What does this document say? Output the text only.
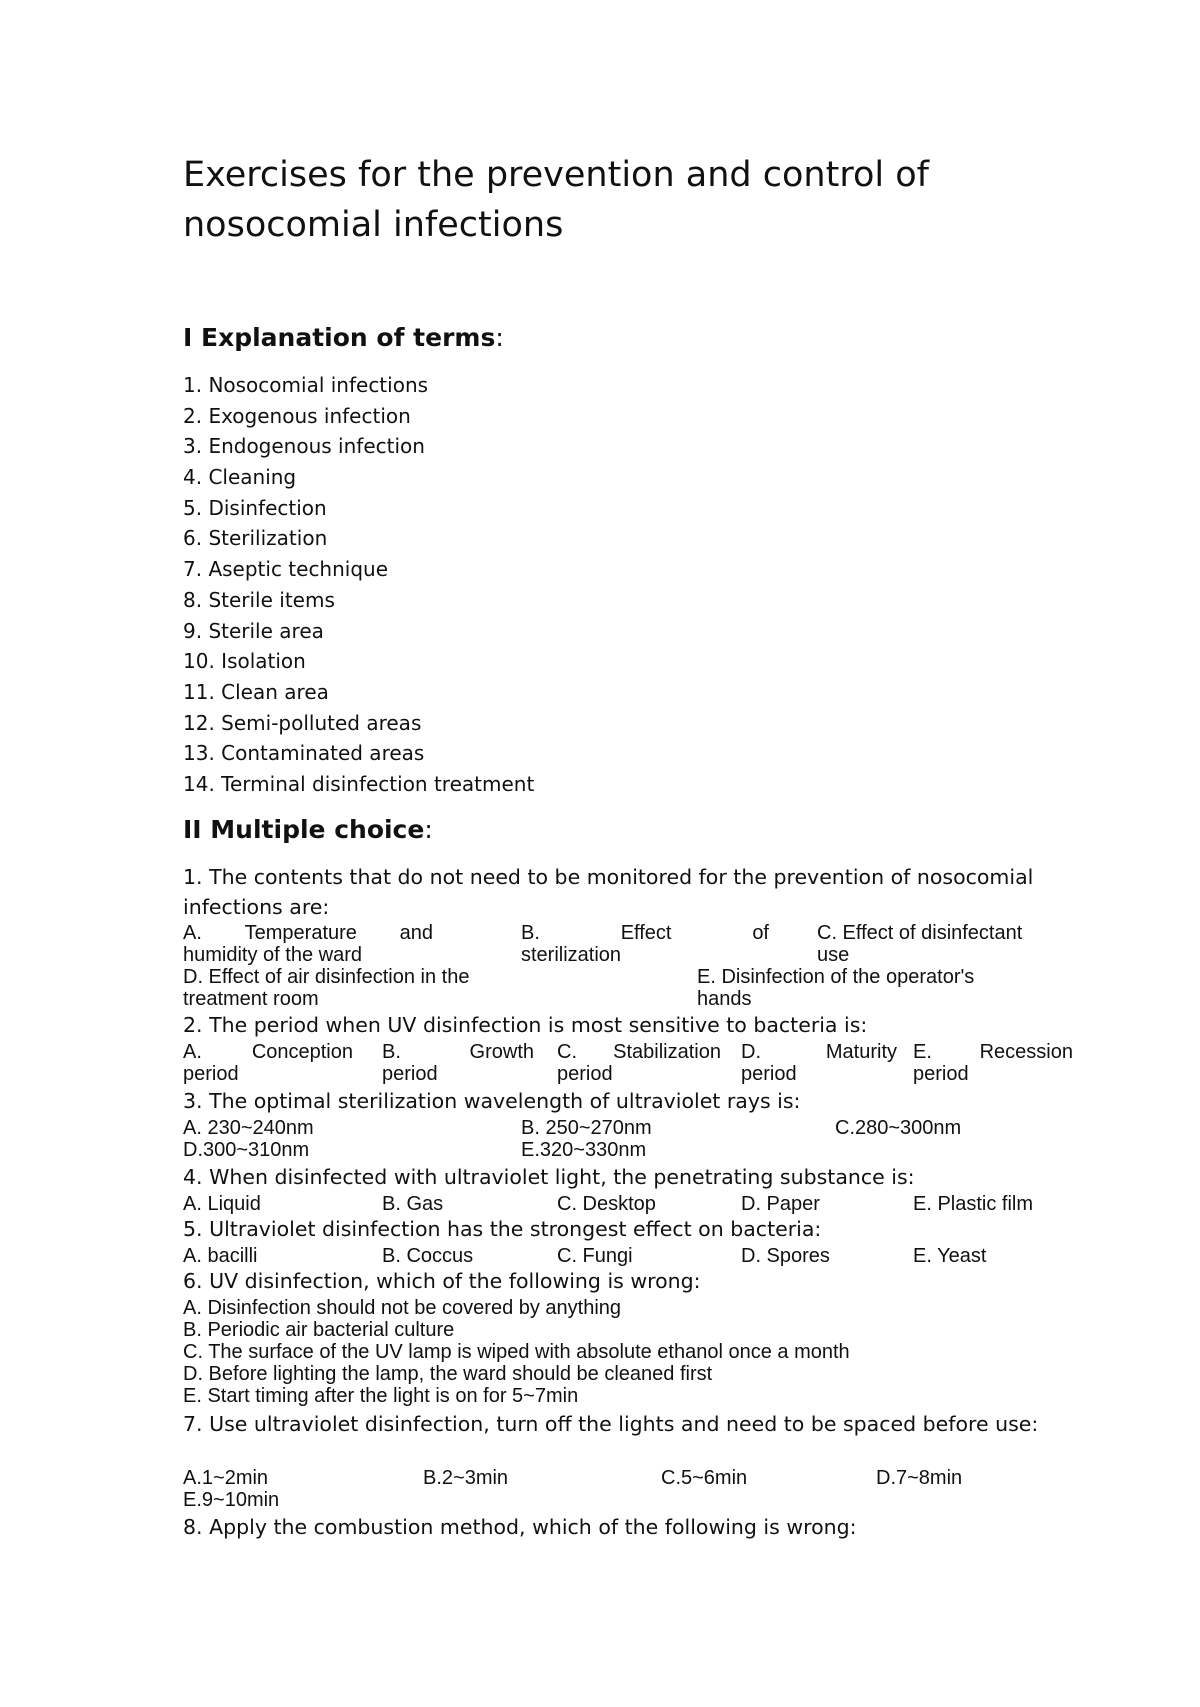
Exercises for the prevention and control of nosocomial infections
I Explanation of terms:
1. Nosocomial infections
2. Exogenous infection
3. Endogenous infection
4. Cleaning
5. Disinfection
6. Sterilization
7. Aseptic technique
8. Sterile items
9. Sterile area
10. Isolation
11. Clean area
12. Semi-polluted areas
13. Contaminated areas
14. Terminal disinfection treatment
II Multiple choice:
1. The contents that do not need to be monitored for the prevention of nosocomial infections are:
A. Temperature and	B.	Effect	of C. Effect of disinfectant
humidity of the ward	sterilization	use
D. Effect of air disinfection in the	E. Disinfection of the operator's
treatment room	hands
2. The period when UV disinfection is most sensitive to bacteria is:
A. Conception B.	Growth C. Stabilization D.	Maturity E. Recession
period	period	period	period	period
3. The optimal sterilization wavelength of ultraviolet rays is:
A. 230~240nm	B. 250~270nm	C.280~300nm
D.300~310nm	E.320~330nm
4. When disinfected with ultraviolet light, the penetrating substance is:
A. Liquid	B. Gas	C. Desktop	D. Paper	E. Plastic film
5. Ultraviolet disinfection has the strongest effect on bacteria:
A. bacilli	B. Coccus	C. Fungi	D. Spores	E. Yeast
6. UV disinfection, which of the following is wrong:
A. Disinfection should not be covered by anything
B. Periodic air bacterial culture
C. The surface of the UV lamp is wiped with absolute ethanol once a month
D. Before lighting the lamp, the ward should be cleaned first
E. Start timing after the light is on for 5~7min
7. Use ultraviolet disinfection, turn off the lights and need to be spaced before use:
A.1~2min	B.2~3min	C.5~6min	D.7~8min
E.9~10min
8. Apply the combustion method, which of the following is wrong:
